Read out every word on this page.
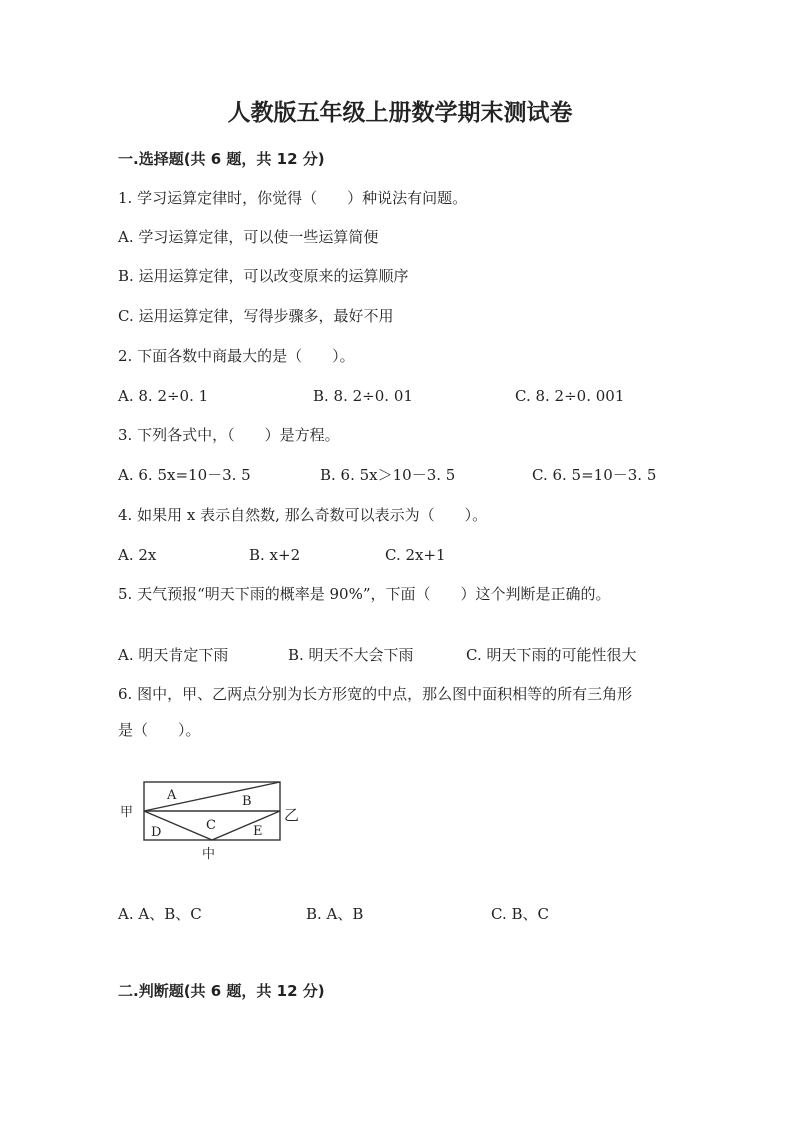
人教版五年级上册数学期末测试卷
一.选择题(共 6 题，共 12 分)
1. 学习运算定律时，你觉得（　　）种说法有问题。
A. 学习运算定律，可以使一些运算简便
B. 运用运算定律，可以改变原来的运算顺序
C. 运用运算定律，写得步骤多，最好不用
2. 下面各数中商最大的是（　　）。
A. 8. 2÷0. 1	B. 8. 2÷0. 01	C. 8. 2÷0. 001
3. 下列各式中，（　　）是方程。
A. 6. 5x=10－3. 5	B. 6. 5x＞10－3. 5	C. 6. 5=10－3. 5
4. 如果用 x 表示自然数, 那么奇数可以表示为（　　）。
A. 2x	B. x+2	C. 2x+1
5. 天气预报“明天下雨的概率是 90%”，下面（　　）这个判断是正确的。
A. 明天肯定下雨	B. 明天不大会下雨	C. 明天下雨的可能性很大
6. 图中，甲、乙两点分别为长方形宽的中点，那么图中面积相等的所有三角形
是（　　）。
甲	乙
中
A	B
C
D	E
A. A、B、C	B. A、B	C. B、C
二.判断题(共 6 题，共 12 分)
